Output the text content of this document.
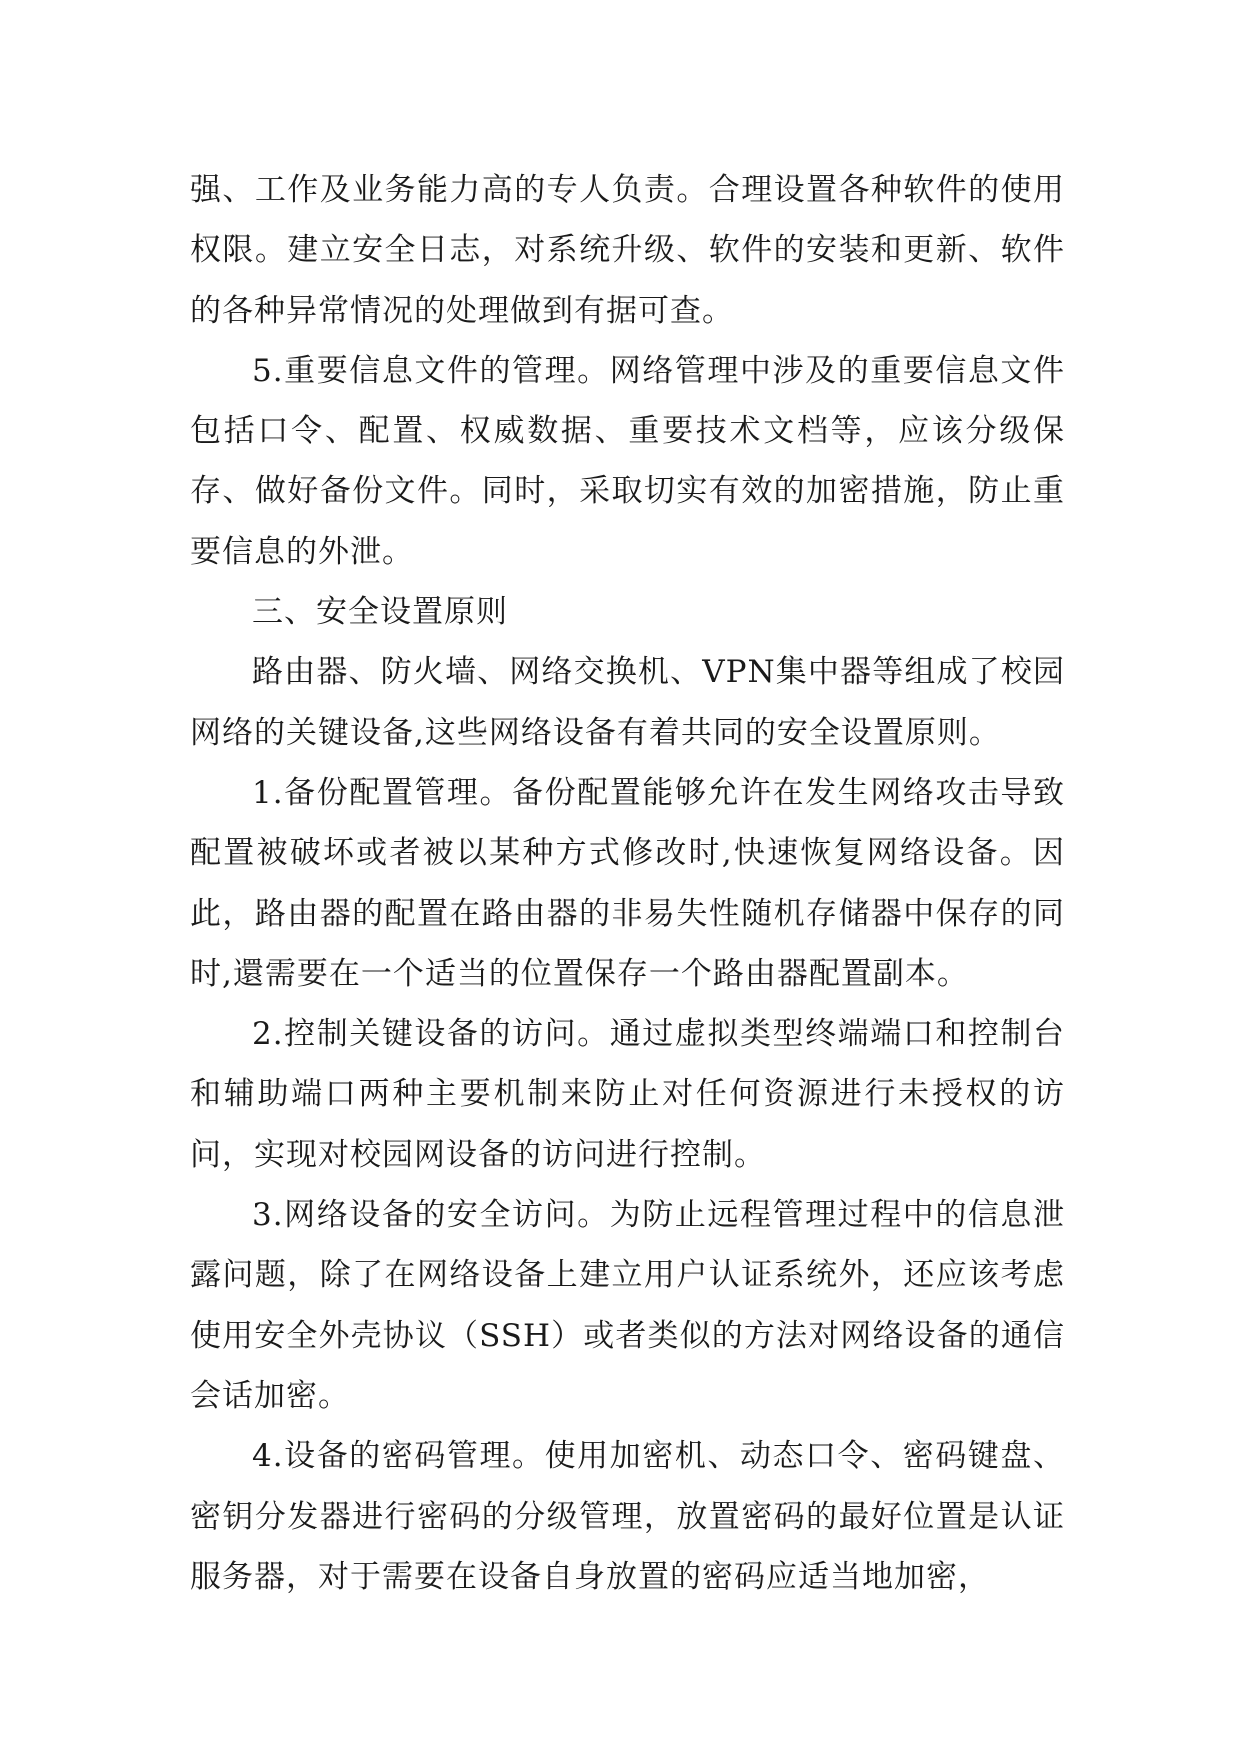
强、工作及业务能力高的专人负责。合理设置各种软件的使用权限。建立安全日志，对系统升级、软件的安装和更新、软件的各种异常情况的处理做到有据可查。

5.重要信息文件的管理。网络管理中涉及的重要信息文件包括口令、配置、权威数据、重要技术文档等，应该分级保存、做好备份文件。同时，采取切实有效的加密措施，防止重要信息的外泄。

三、安全设置原则

路由器、防火墙、网络交换机、VPN集中器等组成了校园网络的关键设备,这些网络设备有着共同的安全设置原则。

1.备份配置管理。备份配置能够允许在发生网络攻击导致配置被破坏或者被以某种方式修改时,快速恢复网络设备。因此，路由器的配置在路由器的非易失性随机存储器中保存的同时,還需要在一个适当的位置保存一个路由器配置副本。

2.控制关键设备的访问。通过虚拟类型终端端口和控制台和辅助端口两种主要机制来防止对任何资源进行未授权的访问，实现对校园网设备的访问进行控制。

3.网络设备的安全访问。为防止远程管理过程中的信息泄露问题，除了在网络设备上建立用户认证系统外，还应该考虑使用安全外壳协议（SSH）或者类似的方法对网络设备的通信会话加密。

4.设备的密码管理。使用加密机、动态口令、密码键盘、密钥分发器进行密码的分级管理，放置密码的最好位置是认证服务器，对于需要在设备自身放置的密码应适当地加密，
